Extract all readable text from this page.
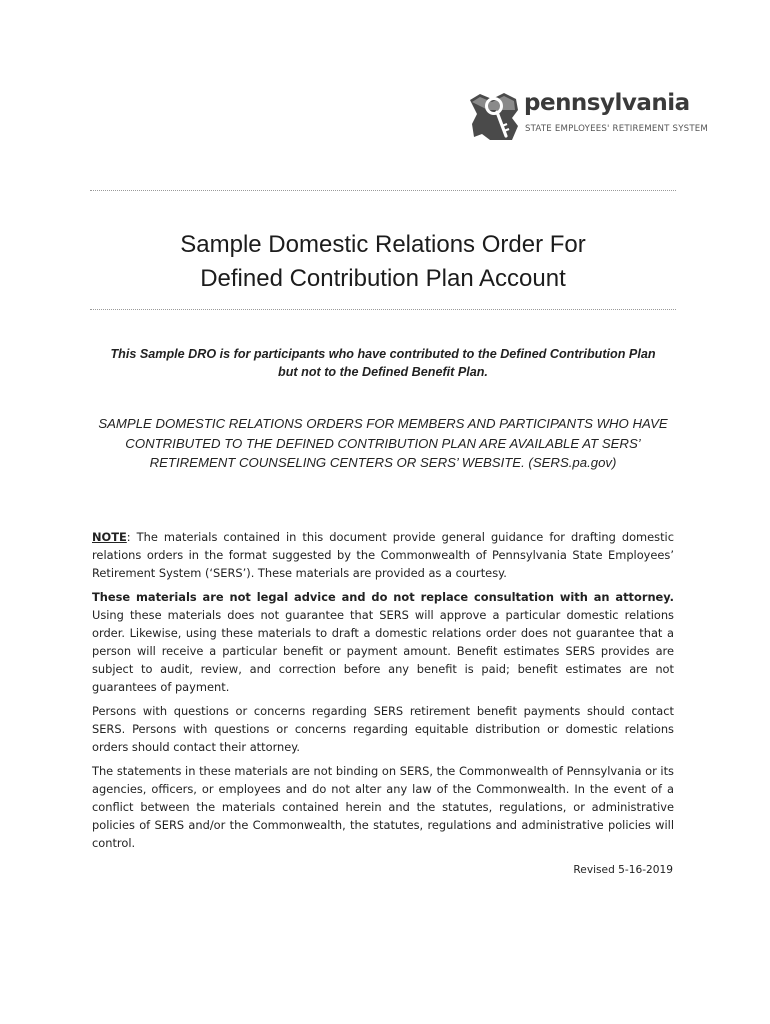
pennsylvania
STATE EMPLOYEES' RETIREMENT SYSTEM
Sample Domestic Relations Order For
Defined Contribution Plan Account
This Sample DRO is for participants who have contributed to the Defined Contribution Plan
but not to the Defined Benefit Plan.
SAMPLE DOMESTIC RELATIONS ORDERS FOR MEMBERS AND PARTICIPANTS WHO HAVE
CONTRIBUTED TO THE DEFINED CONTRIBUTION PLAN ARE AVAILABLE AT SERS’
RETIREMENT COUNSELING CENTERS OR SERS’ WEBSITE. (SERS.pa.gov)

NOTE: The materials contained in this document provide general guidance for drafting domestic relations orders in the format suggested by the Commonwealth of Pennsylvania State Employees’ Retirement System (‘SERS’). These materials are provided as a courtesy.

These materials are not legal advice and do not replace consultation with an attorney. Using these materials does not guarantee that SERS will approve a particular domestic relations order. Likewise, using these materials to draft a domestic relations order does not guarantee that a person will receive a particular benefit or payment amount. Benefit estimates SERS provides are subject to audit, review, and correction before any benefit is paid; benefit estimates are not guarantees of payment.

Persons with questions or concerns regarding SERS retirement benefit payments should contact SERS. Persons with questions or concerns regarding equitable distribution or domestic relations orders should contact their attorney.

The statements in these materials are not binding on SERS, the Commonwealth of Pennsylvania or its agencies, officers, or employees and do not alter any law of the Commonwealth. In the event of a conflict between the materials contained herein and the statutes, regulations, or administrative policies of SERS and/or the Commonwealth, the statutes, regulations and administrative policies will control.

Revised 5-16-2019
